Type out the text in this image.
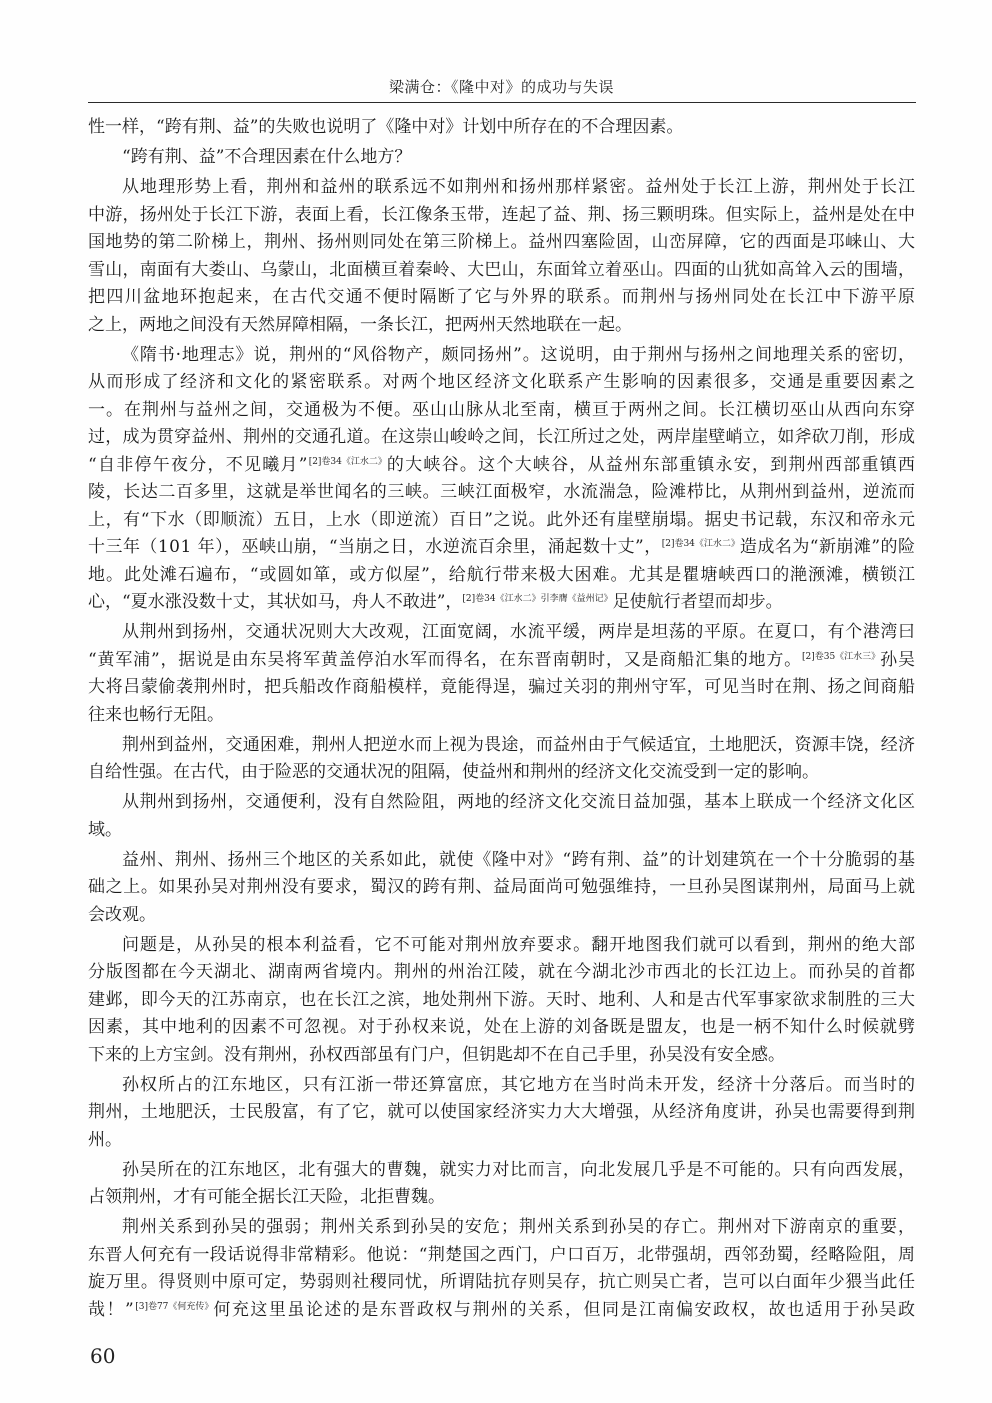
梁满仓：《隆中对》的成功与失误
性一样，“跨有荆、益”的失败也说明了《隆中对》计划中所存在的不合理因素。
“跨有荆、益”不合理因素在什么地方？
从地理形势上看，荆州和益州的联系远不如荆州和扬州那样紧密。益州处于长江上游，荆州处于长江
中游，扬州处于长江下游，表面上看，长江像条玉带，连起了益、荆、扬三颗明珠。但实际上，益州是处在中
国地势的第二阶梯上，荆州、扬州则同处在第三阶梯上。益州四塞险固，山峦屏障，它的西面是邛崃山、大
雪山，南面有大娄山、乌蒙山，北面横亘着秦岭、大巴山，东面耸立着巫山。四面的山犹如高耸入云的围墙，
把四川盆地环抱起来，在古代交通不便时隔断了它与外界的联系。而荆州与扬州同处在长江中下游平原
之上，两地之间没有天然屏障相隔，一条长江，把两州天然地联在一起。
《隋书·地理志》说，荆州的“风俗物产，颇同扬州”。这说明，由于荆州与扬州之间地理关系的密切，
从而形成了经济和文化的紧密联系。对两个地区经济文化联系产生影响的因素很多，交通是重要因素之
一。在荆州与益州之间，交通极为不便。巫山山脉从北至南，横亘于两州之间。长江横切巫山从西向东穿
过，成为贯穿益州、荆州的交通孔道。在这崇山峻岭之间，长江所过之处，两岸崖壁峭立，如斧砍刀削，形成
“自非停午夜分，不见曦月”$^{[2]卷34《江水二》}$的大峡谷。这个大峡谷，从益州东部重镇永安，到荆州西部重镇西
陵，长达二百多里，这就是举世闻名的三峡。三峡江面极窄，水流湍急，险滩栉比，从荆州到益州，逆流而
上，有“下水（即顺流）五日，上水（即逆流）百日”之说。此外还有崖壁崩塌。据史书记载，东汉和帝永元
十三年（101 年），巫峡山崩，“当崩之日，水逆流百余里，涌起数十丈”，$^{[2]卷34《江水二》}$造成名为“新崩滩”的险
地。此处滩石遍布，“或圆如箪，或方似屋”，给航行带来极大困难。尤其是瞿塘峡西口的滟滪滩，横锁江
心，“夏水涨没数十丈，其状如马，舟人不敢进”，$^{[2]卷34《江水二》引李膺《益州记》}$足使航行者望而却步。
从荆州到扬州，交通状况则大大改观，江面宽阔，水流平缓，两岸是坦荡的平原。在夏口，有个港湾曰
“黄军浦”，据说是由东吴将军黄盖停泊水军而得名，在东晋南朝时，又是商船汇集的地方。$^{[2]卷35《江水三》}$孙吴
大将吕蒙偷袭荆州时，把兵船改作商船模样，竟能得逞，骗过关羽的荆州守军，可见当时在荆、扬之间商船
往来也畅行无阻。
荆州到益州，交通困难，荆州人把逆水而上视为畏途，而益州由于气候适宜，土地肥沃，资源丰饶，经济
自给性强。在古代，由于险恶的交通状况的阻隔，使益州和荆州的经济文化交流受到一定的影响。
从荆州到扬州，交通便利，没有自然险阻，两地的经济文化交流日益加强，基本上联成一个经济文化区
域。
益州、荆州、扬州三个地区的关系如此，就使《隆中对》“跨有荆、益”的计划建筑在一个十分脆弱的基
础之上。如果孙吴对荆州没有要求，蜀汉的跨有荆、益局面尚可勉强维持，一旦孙吴图谋荆州，局面马上就
会改观。
问题是，从孙吴的根本利益看，它不可能对荆州放弃要求。翻开地图我们就可以看到，荆州的绝大部
分版图都在今天湖北、湖南两省境内。荆州的州治江陵，就在今湖北沙市西北的长江边上。而孙吴的首都
建邺，即今天的江苏南京，也在长江之滨，地处荆州下游。天时、地利、人和是古代军事家欲求制胜的三大
因素，其中地利的因素不可忽视。对于孙权来说，处在上游的刘备既是盟友，也是一柄不知什么时候就劈
下来的上方宝剑。没有荆州，孙权西部虽有门户，但钥匙却不在自己手里，孙吴没有安全感。
孙权所占的江东地区，只有江浙一带还算富庶，其它地方在当时尚未开发，经济十分落后。而当时的
荆州，土地肥沃，士民殷富，有了它，就可以使国家经济实力大大增强，从经济角度讲，孙吴也需要得到荆
州。
孙吴所在的江东地区，北有强大的曹魏，就实力对比而言，向北发展几乎是不可能的。只有向西发展，
占领荆州，才有可能全据长江天险，北拒曹魏。
荆州关系到孙吴的强弱；荆州关系到孙吴的安危；荆州关系到孙吴的存亡。荆州对下游南京的重要，
东晋人何充有一段话说得非常精彩。他说：“荆楚国之西门，户口百万，北带强胡，西邻劲蜀，经略险阻，周
旋万里。得贤则中原可定，势弱则社稷同忧，所谓陆抗存则吴存，抗亡则吴亡者，岂可以白面年少猥当此任
哉！”$^{[3]卷77《何充传》}$何充这里虽论述的是东晋政权与荆州的关系，但同是江南偏安政权，故也适用于孙吴政
60
